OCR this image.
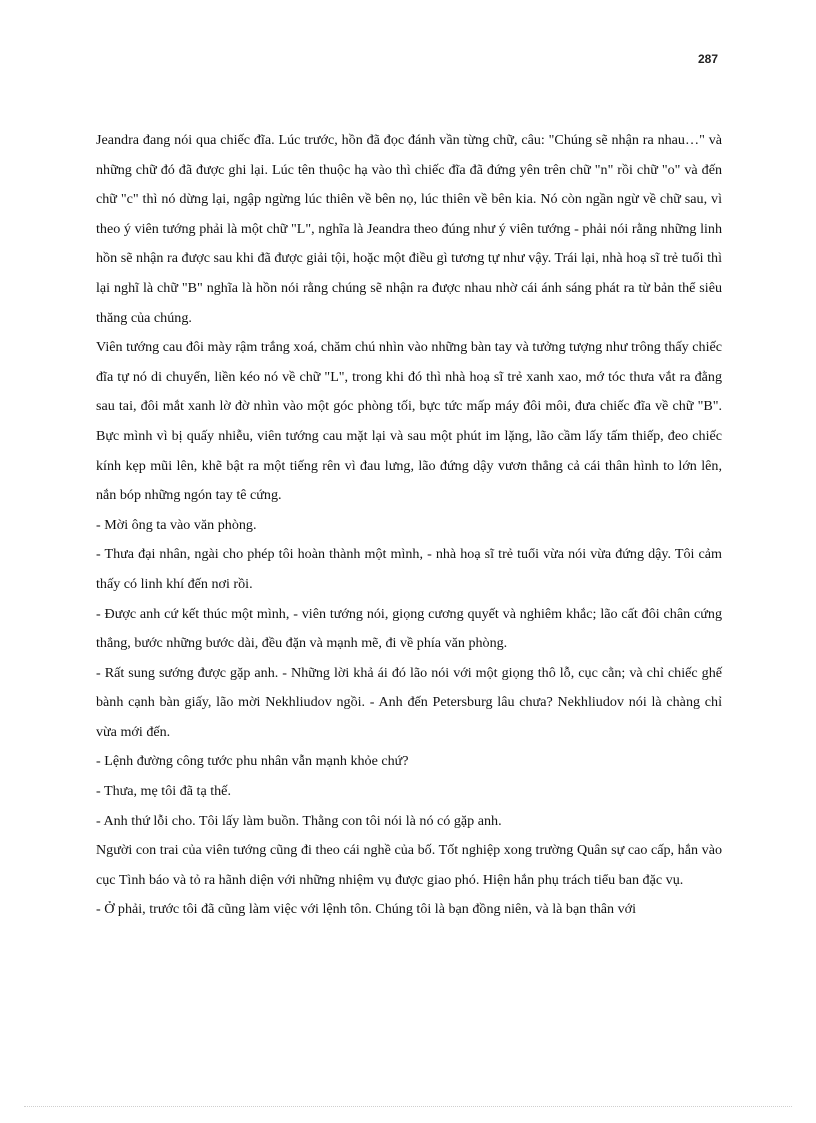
287

Jeandra đang nói qua chiếc đĩa. Lúc trước, hồn đã đọc đánh vần từng chữ, câu: "Chúng sẽ nhận ra nhau…" và những chữ đó đã được ghi lại. Lúc tên thuộc hạ vào thì chiếc đĩa đã đứng yên trên chữ "n" rồi chữ "o" và đến chữ "c" thì nó dừng lại, ngập ngừng lúc thiên về bên nọ, lúc thiên về bên kia. Nó còn ngần ngừ về chữ sau, vì theo ý viên tướng phải là một chữ "L", nghĩa là Jeandra theo đúng như ý viên tướng - phải nói rằng những linh hồn sẽ nhận ra được sau khi đã được giải tội, hoặc một điều gì tương tự như vậy. Trái lại, nhà hoạ sĩ trẻ tuổi thì lại nghĩ là chữ "B" nghĩa là hồn nói rằng chúng sẽ nhận ra được nhau nhờ cái ánh sáng phát ra từ bản thể siêu thăng của chúng.

Viên tướng cau đôi mày rậm trắng xoá, chăm chú nhìn vào những bàn tay và tưởng tượng như trông thấy chiếc đĩa tự nó di chuyển, liền kéo nó về chữ "L", trong khi đó thì nhà hoạ sĩ trẻ xanh xao, mớ tóc thưa vắt ra đằng sau tai, đôi mắt xanh lờ đờ nhìn vào một góc phòng tối, bực tức mấp máy đôi môi, đưa chiếc đĩa về chữ "B". Bực mình vì bị quấy nhiễu, viên tướng cau mặt lại và sau một phút im lặng, lão cầm lấy tấm thiếp, đeo chiếc kính kẹp mũi lên, khẽ bật ra một tiếng rên vì đau lưng, lão đứng dậy vươn thẳng cả cái thân hình to lớn lên, nắn bóp những ngón tay tê cứng.

- Mời ông ta vào văn phòng.

- Thưa đại nhân, ngài cho phép tôi hoàn thành một mình, - nhà hoạ sĩ trẻ tuổi vừa nói vừa đứng dậy. Tôi cảm thấy có linh khí đến nơi rồi.

- Được anh cứ kết thúc một mình, - viên tướng nói, giọng cương quyết và nghiêm khắc; lão cất đôi chân cứng thẳng, bước những bước dài, đều đặn và mạnh mẽ, đi về phía văn phòng.

- Rất sung sướng được gặp anh. - Những lời khả ái đó lão nói với một giọng thô lỗ, cục cằn; và chỉ chiếc ghế bành cạnh bàn giấy, lão mời Nekhliudov ngồi. - Anh đến Petersburg lâu chưa? Nekhliudov nói là chàng chỉ vừa mới đến.

- Lệnh đường công tước phu nhân vẫn mạnh khỏe chứ?

- Thưa, mẹ tôi đã tạ thế.

- Anh thứ lỗi cho. Tôi lấy làm buồn. Thằng con tôi nói là nó có gặp anh.

Người con trai của viên tướng cũng đi theo cái nghề của bố. Tốt nghiệp xong trường Quân sự cao cấp, hắn vào cục Tình báo và tỏ ra hãnh diện với những nhiệm vụ được giao phó. Hiện hắn phụ trách tiểu ban đặc vụ.

- Ở phải, trước tôi đã cũng làm việc với lệnh tôn. Chúng tôi là bạn đồng niên, và là bạn thân với
